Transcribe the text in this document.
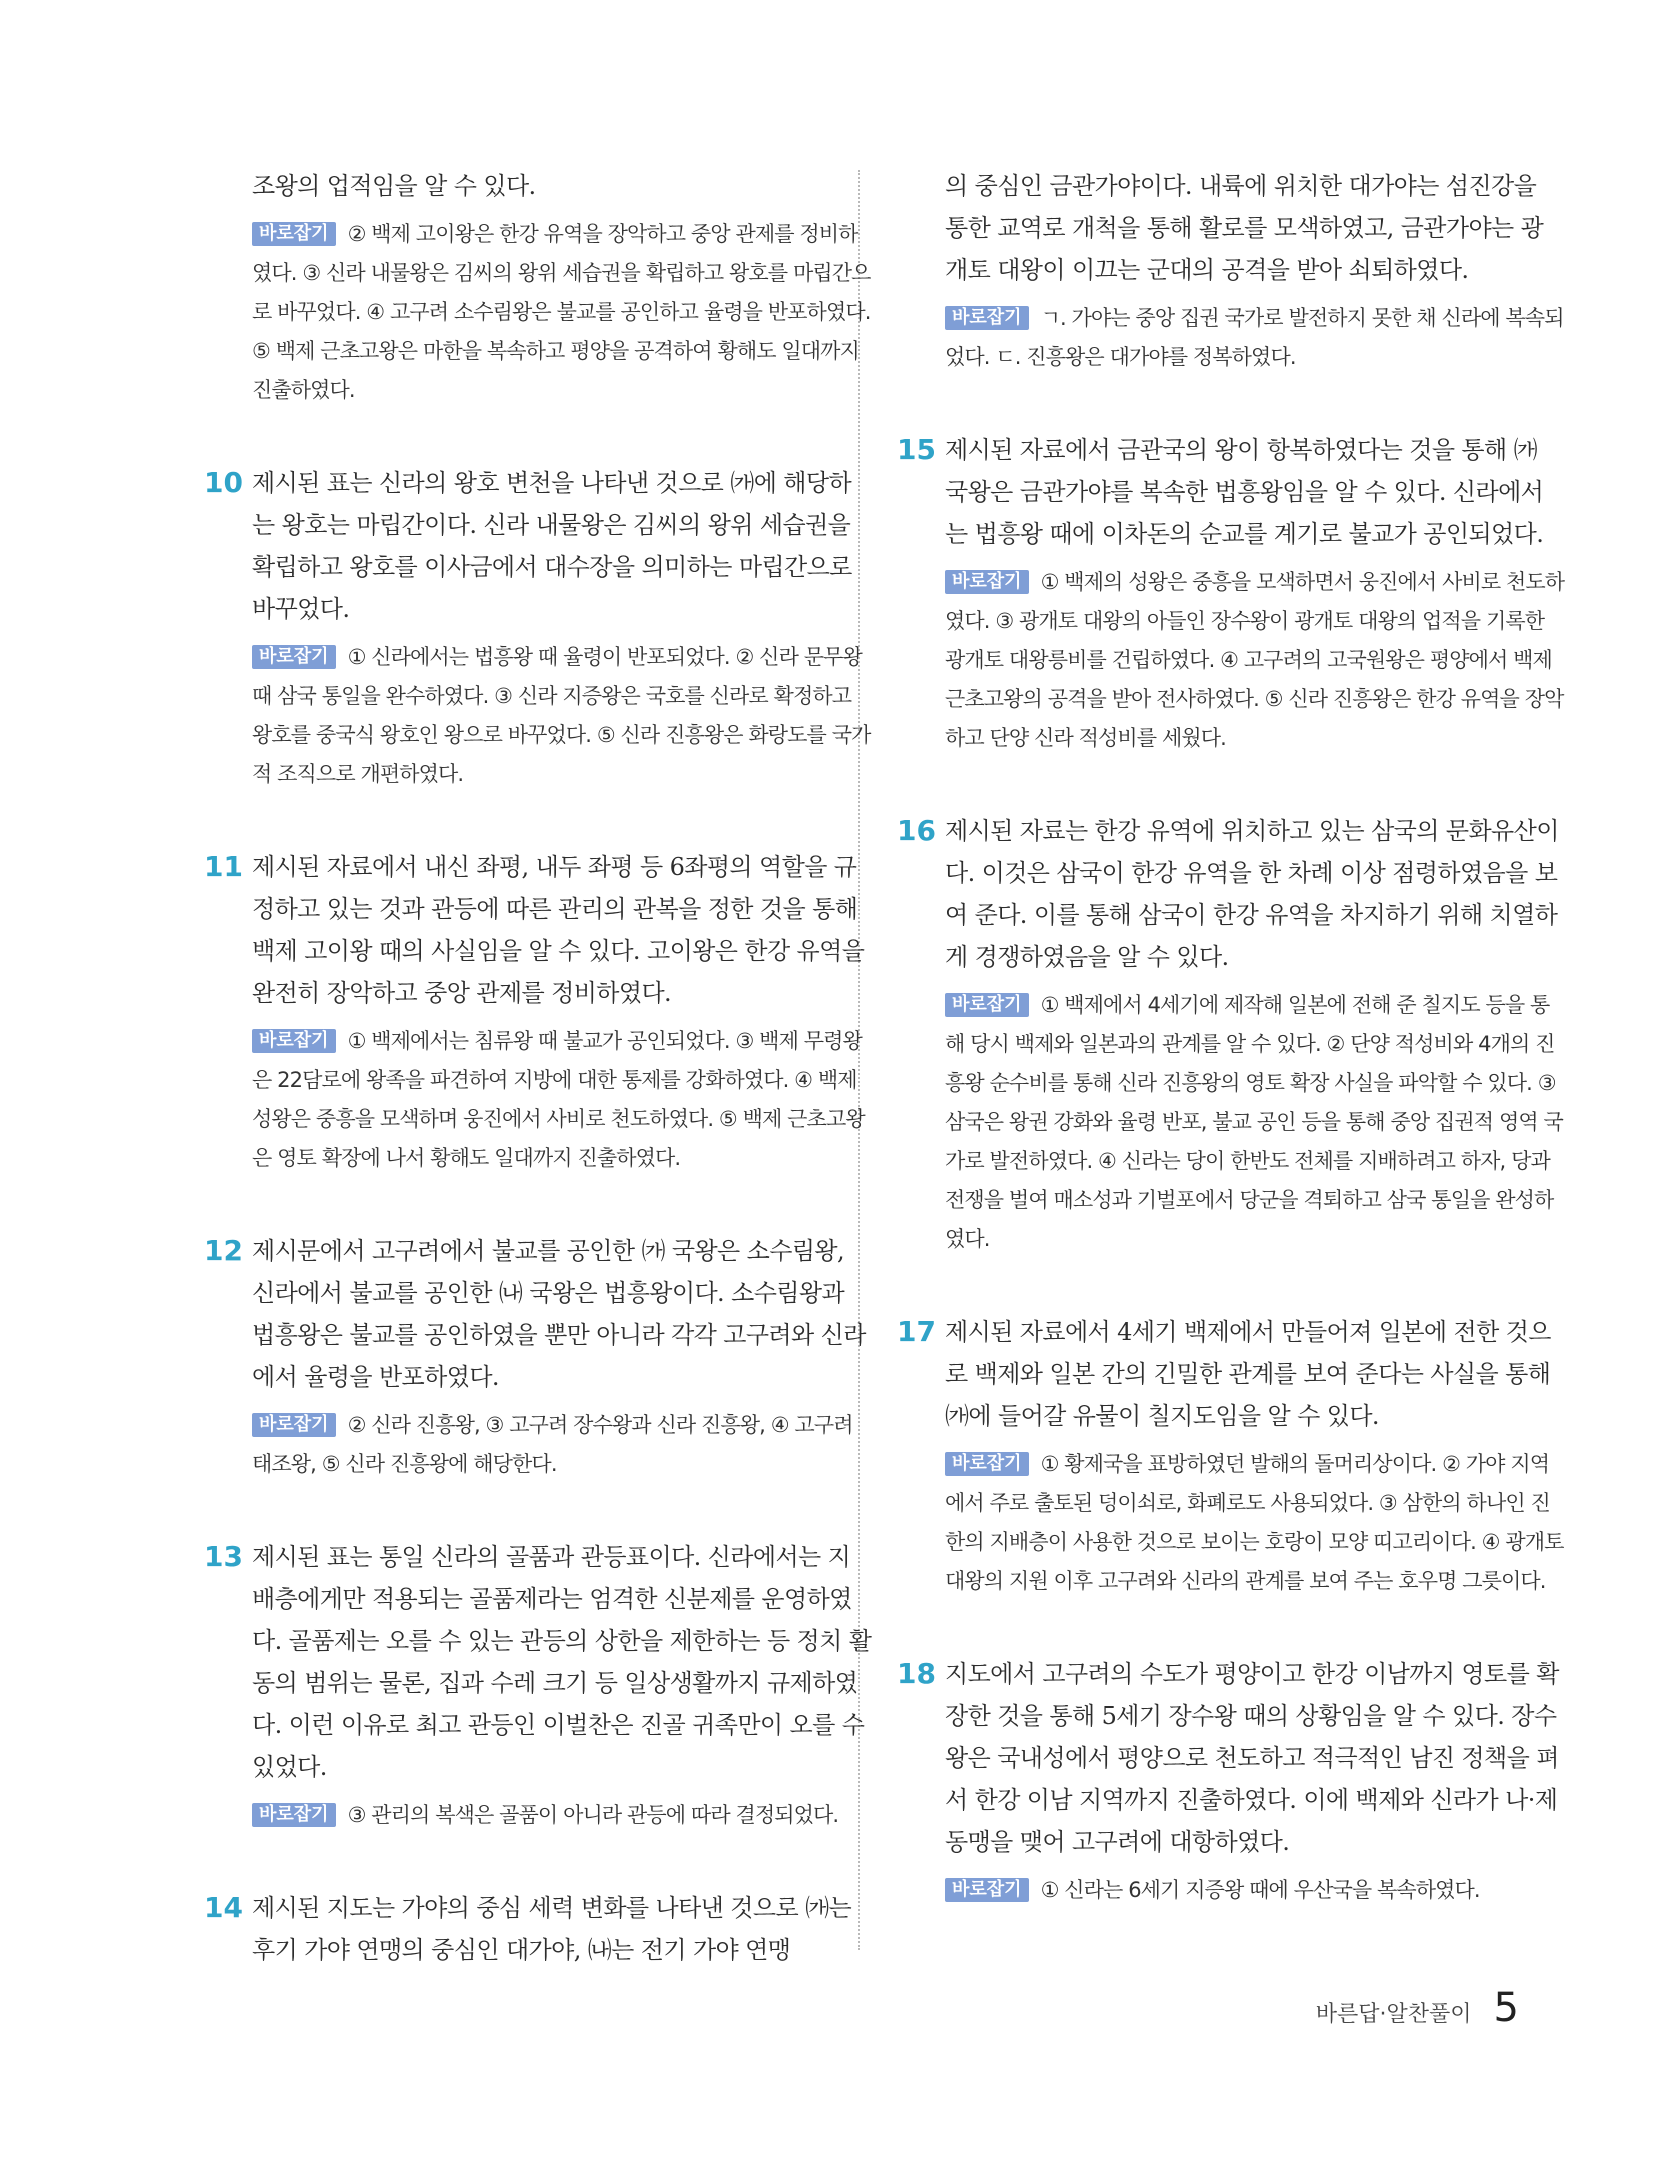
조왕의 업적임을 알 수 있다.

바로잡기 ② 백제 고이왕은 한강 유역을 장악하고 중앙 관제를 정비하였다. ③ 신라 내물왕은 김씨의 왕위 세습권을 확립하고 왕호를 마립간으로 바꾸었다. ④ 고구려 소수림왕은 불교를 공인하고 율령을 반포하였다. ⑤ 백제 근초고왕은 마한을 복속하고 평양을 공격하여 황해도 일대까지 진출하였다.

10 제시된 표는 신라의 왕호 변천을 나타낸 것으로 ㈎에 해당하는 왕호는 마립간이다. 신라 내물왕은 김씨의 왕위 세습권을 확립하고 왕호를 이사금에서 대수장을 의미하는 마립간으로 바꾸었다.

바로잡기 ① 신라에서는 법흥왕 때 율령이 반포되었다. ② 신라 문무왕 때 삼국 통일을 완수하였다. ③ 신라 지증왕은 국호를 신라로 확정하고 왕호를 중국식 왕호인 왕으로 바꾸었다. ⑤ 신라 진흥왕은 화랑도를 국가적 조직으로 개편하였다.

11 제시된 자료에서 내신 좌평, 내두 좌평 등 6좌평의 역할을 규정하고 있는 것과 관등에 따른 관리의 관복을 정한 것을 통해 백제 고이왕 때의 사실임을 알 수 있다. 고이왕은 한강 유역을 완전히 장악하고 중앙 관제를 정비하였다.

바로잡기 ① 백제에서는 침류왕 때 불교가 공인되었다. ③ 백제 무령왕은 22담로에 왕족을 파견하여 지방에 대한 통제를 강화하였다. ④ 백제 성왕은 중흥을 모색하며 웅진에서 사비로 천도하였다. ⑤ 백제 근초고왕은 영토 확장에 나서 황해도 일대까지 진출하였다.

12 제시문에서 고구려에서 불교를 공인한 ㈎ 국왕은 소수림왕, 신라에서 불교를 공인한 ㈏ 국왕은 법흥왕이다. 소수림왕과 법흥왕은 불교를 공인하였을 뿐만 아니라 각각 고구려와 신라에서 율령을 반포하였다.

바로잡기 ② 신라 진흥왕, ③ 고구려 장수왕과 신라 진흥왕, ④ 고구려 태조왕, ⑤ 신라 진흥왕에 해당한다.

13 제시된 표는 통일 신라의 골품과 관등표이다. 신라에서는 지배층에게만 적용되는 골품제라는 엄격한 신분제를 운영하였다. 골품제는 오를 수 있는 관등의 상한을 제한하는 등 정치 활동의 범위는 물론, 집과 수레 크기 등 일상생활까지 규제하였다. 이런 이유로 최고 관등인 이벌찬은 진골 귀족만이 오를 수 있었다.

바로잡기 ③ 관리의 복색은 골품이 아니라 관등에 따라 결정되었다.

14 제시된 지도는 가야의 중심 세력 변화를 나타낸 것으로 ㈎는 후기 가야 연맹의 중심인 대가야, ㈏는 전기 가야 연맹

의 중심인 금관가야이다. 내륙에 위치한 대가야는 섬진강을 통한 교역로 개척을 통해 활로를 모색하였고, 금관가야는 광개토 대왕이 이끄는 군대의 공격을 받아 쇠퇴하였다.

바로잡기 ㄱ. 가야는 중앙 집권 국가로 발전하지 못한 채 신라에 복속되었다. ㄷ. 진흥왕은 대가야를 정복하였다.

15 제시된 자료에서 금관국의 왕이 항복하였다는 것을 통해 ㈎ 국왕은 금관가야를 복속한 법흥왕임을 알 수 있다. 신라에서는 법흥왕 때에 이차돈의 순교를 계기로 불교가 공인되었다.

바로잡기 ① 백제의 성왕은 중흥을 모색하면서 웅진에서 사비로 천도하였다. ③ 광개토 대왕의 아들인 장수왕이 광개토 대왕의 업적을 기록한 광개토 대왕릉비를 건립하였다. ④ 고구려의 고국원왕은 평양에서 백제 근초고왕의 공격을 받아 전사하였다. ⑤ 신라 진흥왕은 한강 유역을 장악하고 단양 신라 적성비를 세웠다.

16 제시된 자료는 한강 유역에 위치하고 있는 삼국의 문화유산이다. 이것은 삼국이 한강 유역을 한 차례 이상 점령하였음을 보여 준다. 이를 통해 삼국이 한강 유역을 차지하기 위해 치열하게 경쟁하였음을 알 수 있다.

바로잡기 ① 백제에서 4세기에 제작해 일본에 전해 준 칠지도 등을 통해 당시 백제와 일본과의 관계를 알 수 있다. ② 단양 적성비와 4개의 진흥왕 순수비를 통해 신라 진흥왕의 영토 확장 사실을 파악할 수 있다. ③ 삼국은 왕권 강화와 율령 반포, 불교 공인 등을 통해 중앙 집권적 영역 국가로 발전하였다. ④ 신라는 당이 한반도 전체를 지배하려고 하자, 당과 전쟁을 벌여 매소성과 기벌포에서 당군을 격퇴하고 삼국 통일을 완성하였다.

17 제시된 자료에서 4세기 백제에서 만들어져 일본에 전한 것으로 백제와 일본 간의 긴밀한 관계를 보여 준다는 사실을 통해 ㈎에 들어갈 유물이 칠지도임을 알 수 있다.

바로잡기 ① 황제국을 표방하였던 발해의 돌머리상이다. ② 가야 지역에서 주로 출토된 덩이쇠로, 화폐로도 사용되었다. ③ 삼한의 하나인 진한의 지배층이 사용한 것으로 보이는 호랑이 모양 띠고리이다. ④ 광개토 대왕의 지원 이후 고구려와 신라의 관계를 보여 주는 호우명 그릇이다.

18 지도에서 고구려의 수도가 평양이고 한강 이남까지 영토를 확장한 것을 통해 5세기 장수왕 때의 상황임을 알 수 있다. 장수왕은 국내성에서 평양으로 천도하고 적극적인 남진 정책을 펴서 한강 이남 지역까지 진출하였다. 이에 백제와 신라가 나·제 동맹을 맺어 고구려에 대항하였다.

바로잡기 ① 신라는 6세기 지증왕 때에 우산국을 복속하였다.

바른답·알찬풀이 5
